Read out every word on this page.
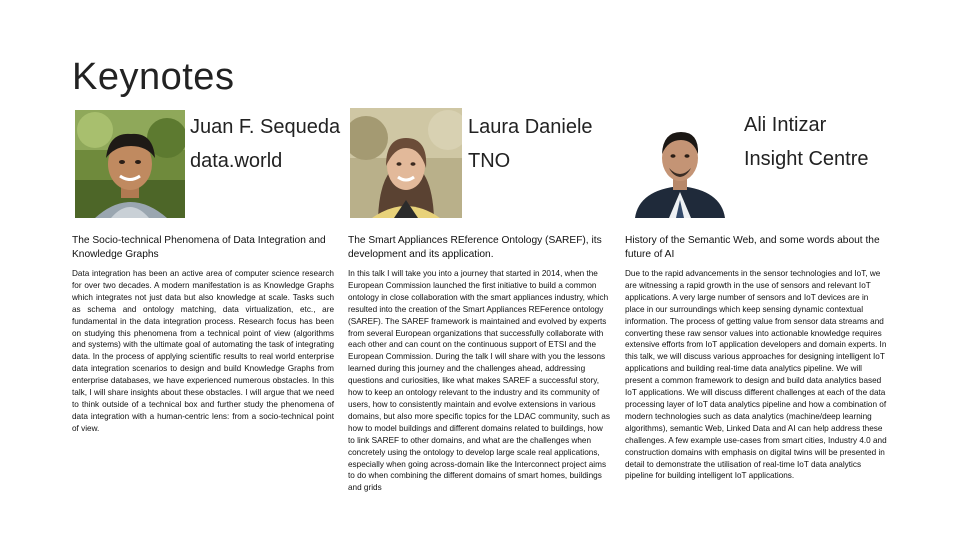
Keynotes
Juan F. Sequeda
data.world
The Socio-technical Phenomena of Data Integration and Knowledge Graphs
Data integration has been an active area of computer science research for over two decades. A modern manifestation is as Knowledge Graphs which integrates not just data but also knowledge at scale. Tasks such as schema and ontology matching, data virtualization, etc., are fundamental in the data integration process. Research focus has been on studying this phenomena from a technical point of view (algorithms and systems) with the ultimate goal of automating the task of integrating data. In the process of applying scientific results to real world enterprise data integration scenarios to design and build Knowledge Graphs from enterprise databases, we have experienced numerous obstacles. In this talk, I will share insights about these obstacles. I will argue that we need to think outside of a technical box and further study the phenomena of data integration with a human-centric lens: from a socio-technical point of view.
Laura Daniele
TNO
The Smart Appliances REference Ontology (SAREF), its development and its application.
In this talk I will take you into a journey that started in 2014, when the European Commission launched the first initiative to build a common ontology in close collaboration with the smart appliances industry, which resulted into the creation of the Smart Appliances REFerence ontology (SAREF). The SAREF framework is maintained and evolved by experts from several European organizations that successfully collaborate with each other and can count on the continuous support of ETSI and the European Commission. During the talk I will share with you the lessons learned during this journey and the challenges ahead, addressing questions and curiosities, like what makes SAREF a successful story, how to keep an ontology relevant to the industry and its community of users, how to consistently maintain and evolve extensions in various domains, but also more specific topics for the LDAC community, such as how to model buildings and different domains related to buildings, how to link SAREF to other domains, and what are the challenges when concretely using the ontology to develop large scale real applications, especially when going across-domain like the Interconnect project aims to do when combining the different domains of smart homes, buildings and grids
Ali Intizar
Insight Centre
History of the Semantic Web, and some words about the future of AI
Due to the rapid advancements in the sensor technologies and IoT, we are witnessing a rapid growth in the use of sensors and relevant IoT applications. A very large number of sensors and IoT devices are in place in our surroundings which keep sensing dynamic contextual information. The process of getting value from sensor data streams and converting these raw sensor values into actionable knowledge requires extensive efforts from IoT application developers and domain experts. In this talk, we will discuss various approaches for designing intelligent IoT applications and building real-time data analytics pipeline. We will present a common framework to design and build data analytics based IoT applications. We will discuss different challenges at each of the data processing layer of IoT data analytics pipeline and how a combination of modern technologies such as data analytics (machine/deep learning algorithms), semantic Web, Linked Data and AI can help address these challenges. A few example use-cases from smart cities, Industry 4.0 and construction domains with emphasis on digital twins will be presented in detail to demonstrate the utilisation of real-time IoT data analytics pipeline for building intelligent IoT applications.
